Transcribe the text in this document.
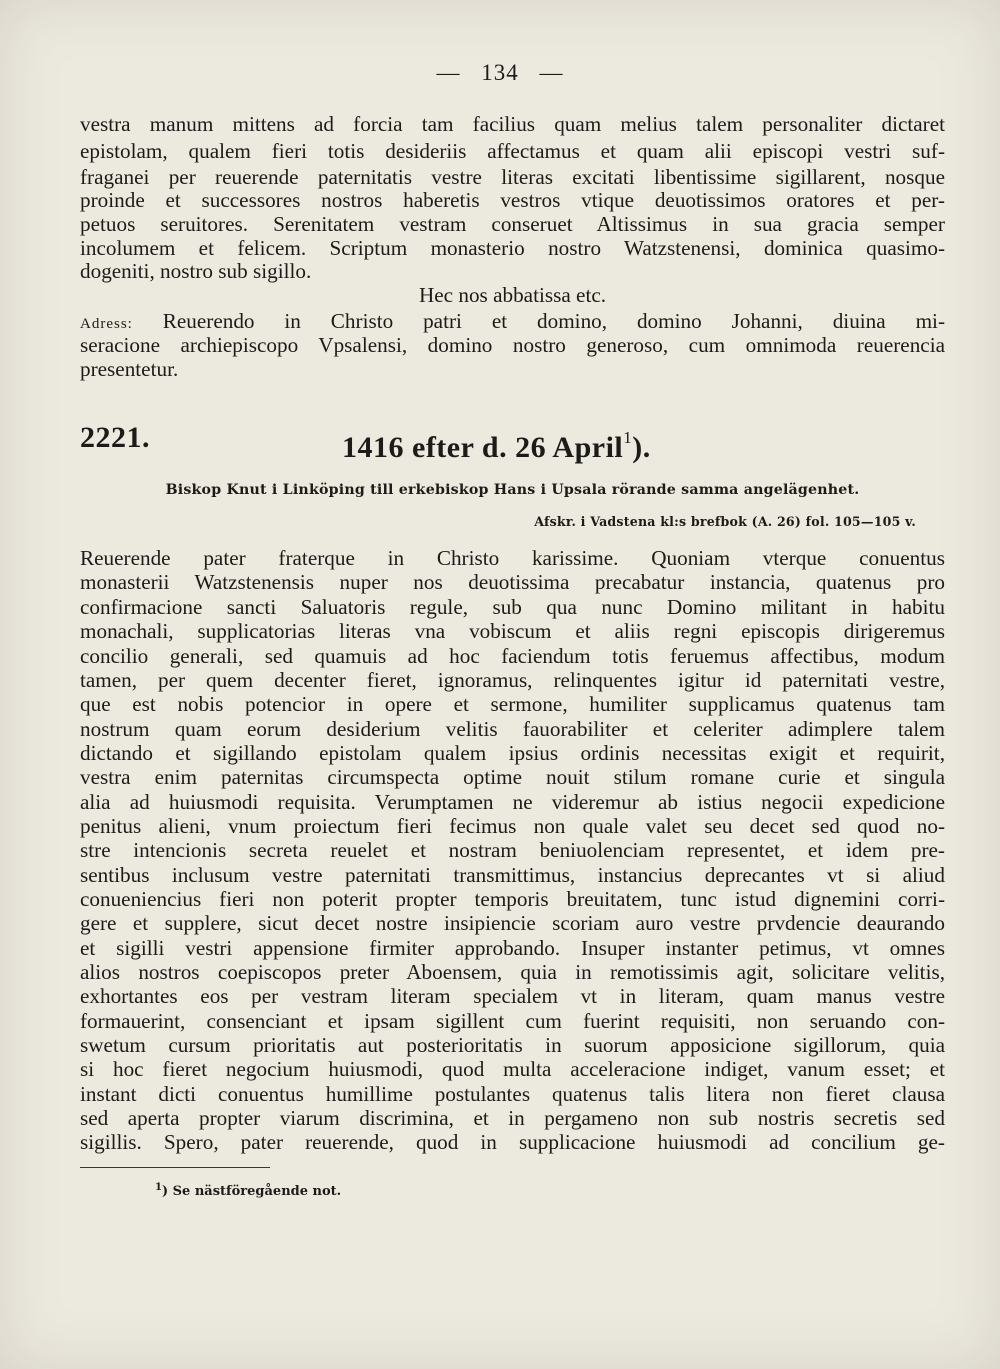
— 134 —
vestra manum mittens ad forcia tam facilius quam melius talem personaliter dictaret
epistolam, qualem fieri totis desideriis affectamus et quam alii episcopi vestri suf-
fraganei per reuerende paternitatis vestre literas excitati libentissime sigillarent, nosque
proinde et successores nostros haberetis vestros vtique deuotissimos oratores et per-
petuos seruitores. Serenitatem vestram conseruet Altissimus in sua gracia semper
incolumem et felicem. Scriptum monasterio nostro Watzstenensi, dominica quasimo-
dogeniti, nostro sub sigillo.
Hec nos abbatissa etc.
Adress: Reuerendo in Christo patri et domino, domino Johanni, diuina mi-
seracione archiepiscopo Vpsalensi, domino nostro generoso, cum omnimoda reuerencia
presentetur.
2221.	1416 efter d. 26 April$^1$).
Biskop Knut i Linköping till erkebiskop Hans i Upsala rörande samma angelägenhet.
Afskr. i Vadstena kl:s brefbok (A. 26) fol. 105—105 v.
Reuerende pater fraterque in Christo karissime. Quoniam vterque conuentus
monasterii Watzstenensis nuper nos deuotissima precabatur instancia, quatenus pro
confirmacione sancti Saluatoris regule, sub qua nunc Domino militant in habitu
monachali, supplicatorias literas vna vobiscum et aliis regni episcopis dirigeremus
concilio generali, sed quamuis ad hoc faciendum totis feruemus affectibus, modum
tamen, per quem decenter fieret, ignoramus, relinquentes igitur id paternitati vestre,
que est nobis potencior in opere et sermone, humiliter supplicamus quatenus tam
nostrum quam eorum desiderium velitis fauorabiliter et celeriter adimplere talem
dictando et sigillando epistolam qualem ipsius ordinis necessitas exigit et requirit,
vestra enim paternitas circumspecta optime nouit stilum romane curie et singula
alia ad huiusmodi requisita. Verumptamen ne videremur ab istius negocii expedicione
penitus alieni, vnum proiectum fieri fecimus non quale valet seu decet sed quod no-
stre intencionis secreta reuelet et nostram beniuolenciam representet, et idem pre-
sentibus inclusum vestre paternitati transmittimus, instancius deprecantes vt si aliud
conueniencius fieri non poterit propter temporis breuitatem, tunc istud dignemini corri-
gere et supplere, sicut decet nostre insipiencie scoriam auro vestre prvdencie deaurando
et sigilli vestri appensione firmiter approbando. Insuper instanter petimus, vt omnes
alios nostros coepiscopos preter Aboensem, quia in remotissimis agit, solicitare velitis,
exhortantes eos per vestram literam specialem vt in literam, quam manus vestre
formauerint, consenciant et ipsam sigillent cum fuerint requisiti, non seruando con-
swetum cursum prioritatis aut posterioritatis in suorum apposicione sigillorum, quia
si hoc fieret negocium huiusmodi, quod multa acceleracione indiget, vanum esset; et
instant dicti conuentus humillime postulantes quatenus talis litera non fieret clausa
sed aperta propter viarum discrimina, et in pergameno non sub nostris secretis sed
sigillis. Spero, pater reuerende, quod in supplicacione huiusmodi ad concilium ge-
$^1$) Se nästföregående not.
